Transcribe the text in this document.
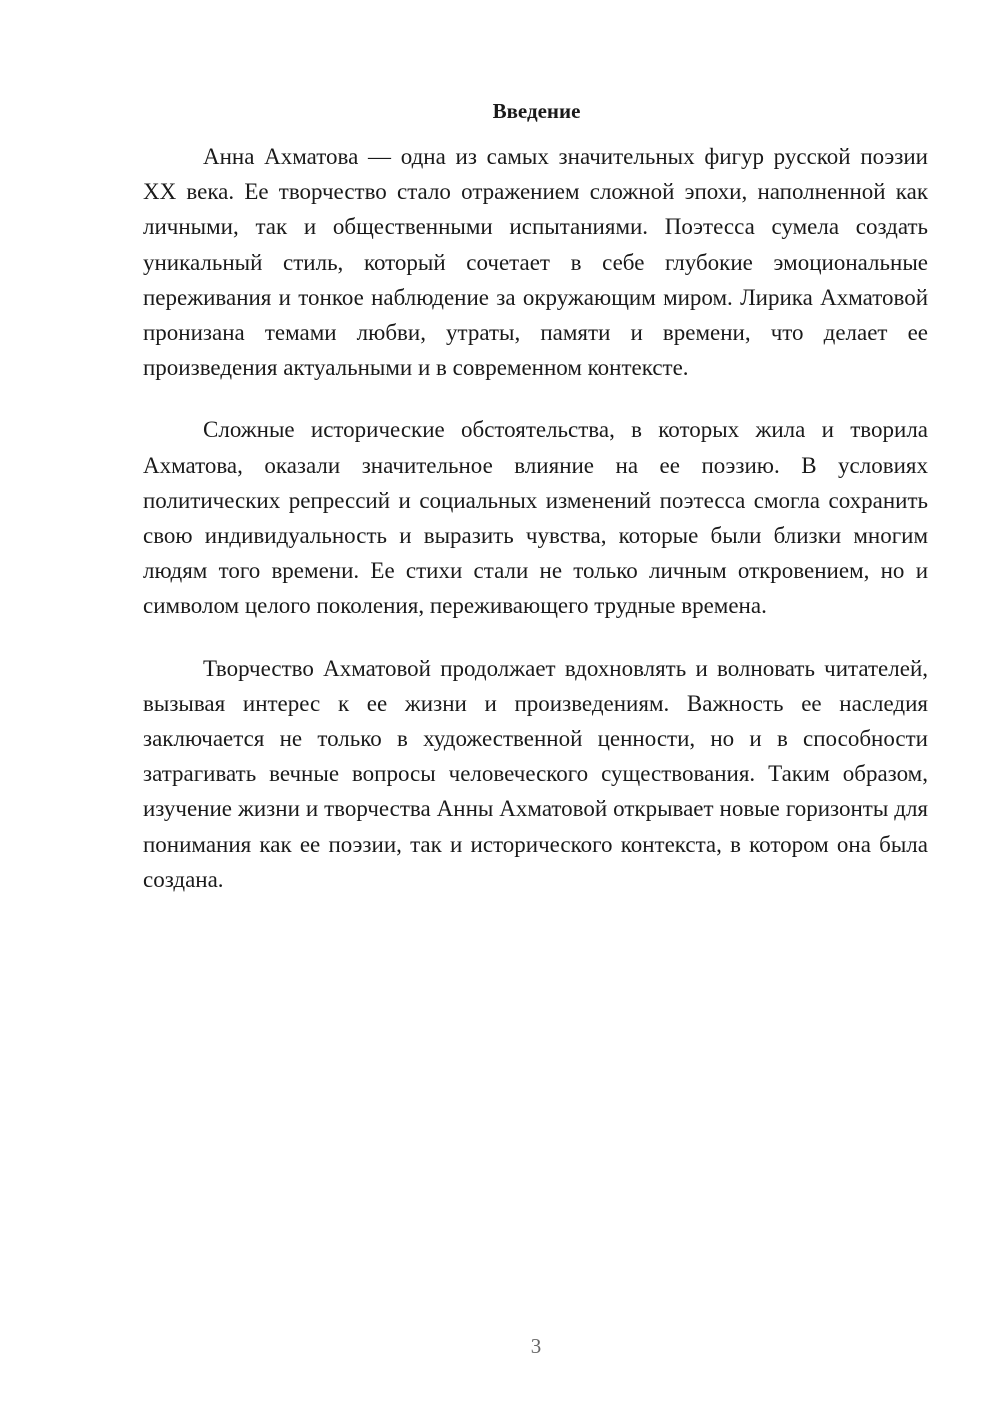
Введение

Анна Ахматова — одна из самых значительных фигур русской поэзии XX века. Ее творчество стало отражением сложной эпохи, наполненной как личными, так и общественными испытаниями. Поэтесса сумела создать уникальный стиль, который сочетает в себе глубокие эмоциональные переживания и тонкое наблюдение за окружающим миром. Лирика Ахматовой пронизана темами любви, утраты, памяти и времени, что делает ее произведения актуальными и в современном контексте.

Сложные исторические обстоятельства, в которых жила и творила Ахматова, оказали значительное влияние на ее поэзию. В условиях политических репрессий и социальных изменений поэтесса смогла сохранить свою индивидуальность и выразить чувства, которые были близки многим людям того времени. Ее стихи стали не только личным откровением, но и символом целого поколения, переживающего трудные времена.

Творчество Ахматовой продолжает вдохновлять и волновать читателей, вызывая интерес к ее жизни и произведениям. Важность ее наследия заключается не только в художественной ценности, но и в способности затрагивать вечные вопросы человеческого существования. Таким образом, изучение жизни и творчества Анны Ахматовой открывает новые горизонты для понимания как ее поэзии, так и исторического контекста, в котором она была создана.

3
